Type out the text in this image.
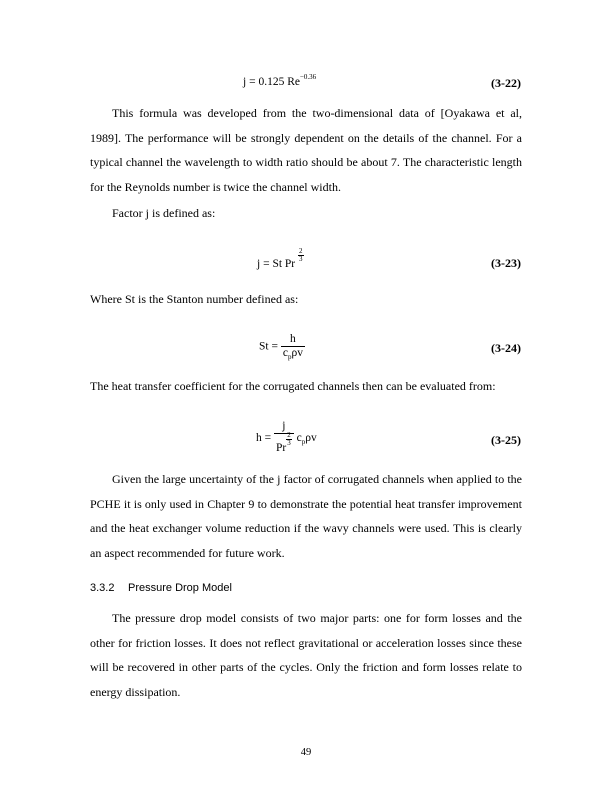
j = 0.125 $Re^{-0.36}$	(3-22)

This formula was developed from the two-dimensional data of [Oyakawa et al, 1989]. The performance will be strongly dependent on the details of the channel. For a typical channel the wavelength to width ratio should be about 7. The characteristic length for the Reynolds number is twice the channel width.

Factor j is defined as:

j = St Pr
$\frac{2}{3}$	(3-23)

Where St is the Stanton number defined as:

$St = \frac{h}{c_p\rho v}$	(3-24)

The heat transfer coefficient for the corrugated channels then can be evaluated from:

h = j
Pr
$\frac{2}{3} c_p\rho v$	(3-25)

Given the large uncertainty of the j factor of corrugated channels when applied to the PCHE it is only used in Chapter 9 to demonstrate the potential heat transfer improvement and the heat exchanger volume reduction if the wavy channels were used. This is clearly an aspect recommended for future work.

3.3.2 Pressure Drop Model

The pressure drop model consists of two major parts: one for form losses and the other for friction losses. It does not reflect gravitational or acceleration losses since these will be recovered in other parts of the cycles. Only the friction and form losses relate to energy dissipation.

49
